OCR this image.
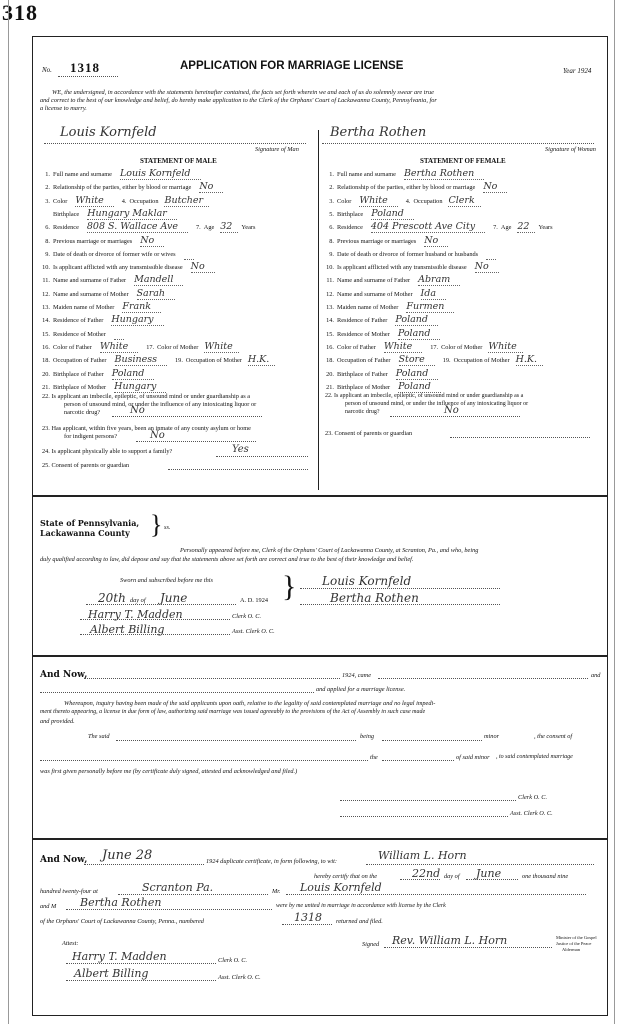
318
No. 1318	APPLICATION FOR MARRIAGE LICENSE	Year 1924
WE, the undersigned, in accordance with the statements hereinafter contained, the facts set forth wherein we and each of us do solemnly swear are true
and correct to the best of our knowledge and belief, do hereby make application to the Clerk of the Orphans' Court of Lackawanna County, Pennsylvania, for
a license to marry.
Louis Kornfeld
Signature of Man
Bertha Rothen
Signature of Woman
STATEMENT OF MALE
1. Full name and surname Louis Kornfeld
2. Relationship of the parties, either by blood or marriage No
3. Color White	4. Occupation Butcher
Birthplace Hungary Maklar
6. Residence 808 S. Wallace Ave	7. Age 32 Years
8. Previous marriage or marriages No
9. Date of death or divorce of former wife or wives
10. Is applicant afflicted with any transmissible disease No
11. Name and surname of Father Mandell
12. Name and surname of Mother Sarah
13. Maiden name of Mother Frank
14. Residence of Father Hungary
15. Residence of Mother
16. Color of Father White	17. Color of Mother White
18. Occupation of Father Business	19. Occupation of Mother H.K.
20. Birthplace of Father Poland
21. Birthplace of Mother Hungary
22. Is applicant an imbecile, epileptic, of unsound mind or under guardianship as a
person of unsound mind, or under the influence of any intoxicating liquor or
narcotic drug?	No
23. Has applicant, within five years, been an inmate of any county asylum or home
for indigent persons?	No
24. Is applicant physically able to support a family?	Yes
25. Consent of parents or guardian
STATEMENT OF FEMALE
1. Full name and surname Bertha Rothen
2. Relationship of the parties, either by blood or marriage No
3. Color White	4. Occupation Clerk
5. Birthplace Poland
6. Residence 404 Prescott Ave City	7. Age 22 Years
8. Previous marriage or marriages No
9. Date of death or divorce of former husband or husbands
10. Is applicant afflicted with any transmissible disease No
11. Name and surname of Father Abram
12. Name and surname of Mother Ida
13. Maiden name of Mother Furmen
14. Residence of Father Poland
15. Residence of Mother Poland
16. Color of Father White	17. Color of Mother White
18. Occupation of Father Store	19. Occupation of Mother H.K.
20. Birthplace of Father Poland
21. Birthplace of Mother Poland
22. Is applicant an imbecile, epileptic, of unsound mind or under guardianship as a
person of unsound mind, or under the influence of any intoxicating liquor or
narcotic drug?	No
23. Consent of parents or guardian
State of Pennsylvania,
Lackawanna County } ss.
Personally appeared before me, Clerk of the Orphans' Court of Lackawanna County, at Scranton, Pa., and who, being
duly qualified according to law, did depose and say that the statements above set forth are correct and true to the best of their knowledge and belief.
Sworn and subscribed before me this
20th day of June	A. D. 1924
Harry T. Madden	Clerk O. C.
Albert Billing	Asst. Clerk O. C.
} Louis Kornfeld
Bertha Rothen
And Now,	1924, came	and
and applied for a marriage license.
Whereupon, inquiry having been made of the said applicants upon oath, relative to the legality of said contemplated marriage and no legal impedi-
ment thereto appearing, a license in due form of law, authorizing said marriage was issued agreeably to the provisions of the Act of Assembly in such case made
and provided.
The said	being	minor	, the consent of
the	of said minor , to said contemplated marriage
was first given personally before me (by certificate duly signed, attested and acknowledged and filed.)
Clerk O. C.
Asst. Clerk O. C.
And Now, June 28	1924 duplicate certificate, in form following, to wit:	William L. Horn
hereby certify that on the	22nd day of June	one thousand nine
hundred twenty-four at	Scranton Pa.	Mr. Louis Kornfeld
and M Bertha Rothen	were by me united in marriage in accordance with license by the Clerk
of the Orphans' Court of Lackawanna County, Penna., numbered	1318 returned and filed.
Signed Rev. William L. Horn	Minister of the Gospel
Justice of the Peace
Alderman
Attest:
Harry T. Madden	Clerk O. C.
Albert Billing	Asst. Clerk O. C.
